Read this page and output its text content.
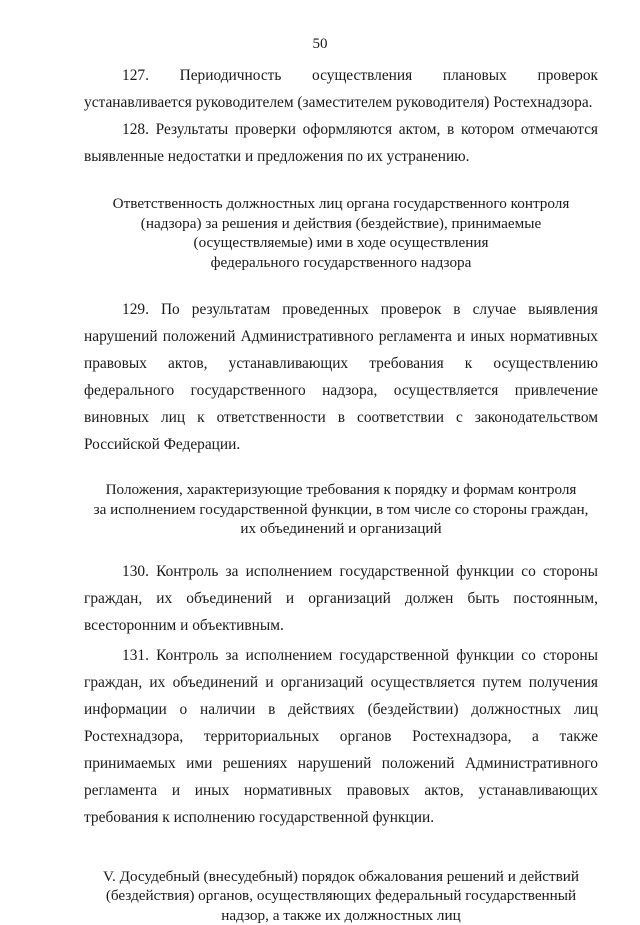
50

127. Периодичность осуществления плановых проверок устанавливается руководителем (заместителем руководителя) Ростехнадзора.

128. Результаты проверки оформляются актом, в котором отмечаются выявленные недостатки и предложения по их устранению.

Ответственность должностных лиц органа государственного контроля
(надзора) за решения и действия (бездействие), принимаемые
(осуществляемые) ими в ходе осуществления
федерального государственного надзора

129. По результатам проведенных проверок в случае выявления нарушений положений Административного регламента и иных нормативных правовых актов, устанавливающих требования к осуществлению федерального государственного надзора, осуществляется привлечение виновных лиц к ответственности в соответствии с законодательством Российской Федерации.

Положения, характеризующие требования к порядку и формам контроля
за исполнением государственной функции, в том числе со стороны граждан,
их объединений и организаций

130. Контроль за исполнением государственной функции со стороны граждан, их объединений и организаций должен быть постоянным, всесторонним и объективным.

131. Контроль за исполнением государственной функции со стороны граждан, их объединений и организаций осуществляется путем получения информации о наличии в действиях (бездействии) должностных лиц Ростехнадзора, территориальных органов Ростехнадзора, а также принимаемых ими решениях нарушений положений Административного регламента и иных нормативных правовых актов, устанавливающих требования к исполнению государственной функции.

V. Досудебный (внесудебный) порядок обжалования решений и действий
(бездействия) органов, осуществляющих федеральный государственный
надзор, а также их должностных лиц
